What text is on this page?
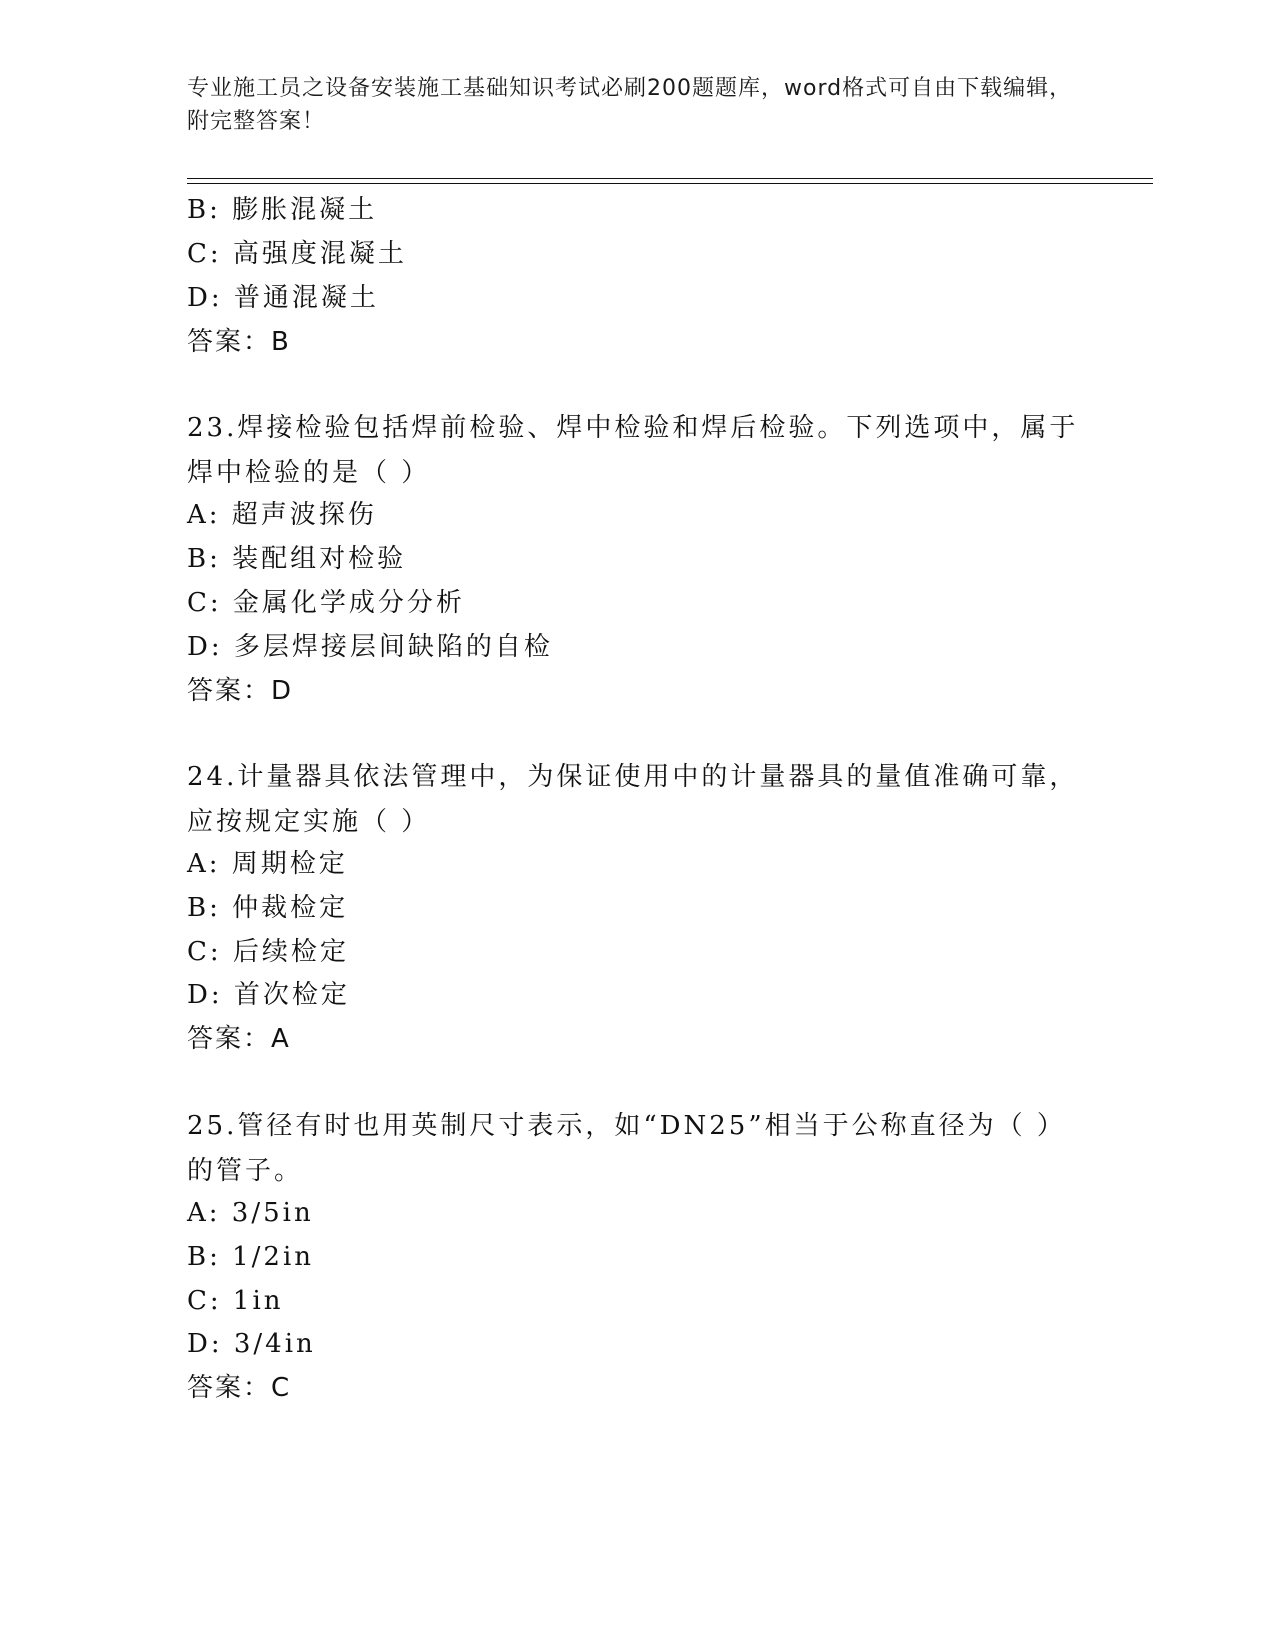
专业施工员之设备安装施工基础知识考试必刷200题题库，word格式可自由下载编辑，附完整答案！
B: 膨胀混凝土
C: 高强度混凝土
D: 普通混凝土
答案：B
23.焊接检验包括焊前检验、焊中检验和焊后检验。下列选项中，属于焊中检验的是（ ）
A: 超声波探伤
B: 装配组对检验
C: 金属化学成分分析
D: 多层焊接层间缺陷的自检
答案：D
24.计量器具依法管理中，为保证使用中的计量器具的量值准确可靠，应按规定实施（ ）
A: 周期检定
B: 仲裁检定
C: 后续检定
D: 首次检定
答案：A
25.管径有时也用英制尺寸表示，如“DN25”相当于公称直径为（ ）的管子。
A: 3/5in
B: 1/2in
C: 1in
D: 3/4in
答案：C
